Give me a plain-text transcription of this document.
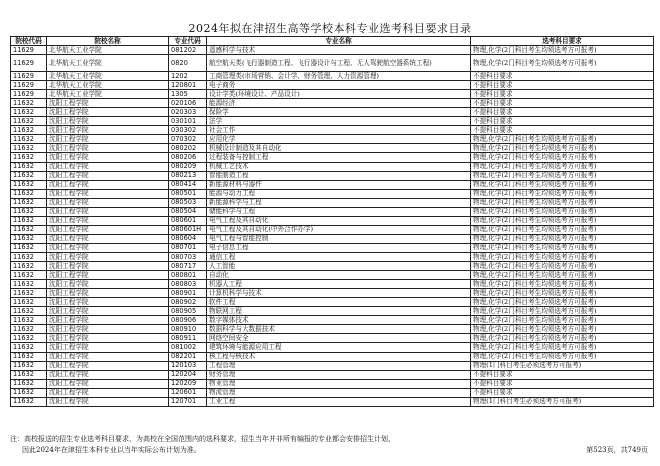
2024年拟在津招生高等学校本科专业选考科目要求目录
院校代码	院校名称	专业代码	专业名称	选考科目要求
11629	北华航天工业学院	081202	遥感科学与技术	物理,化学(2门科目考生均须选考方可报考)
11629	北华航天工业学院	0820	航空航天类(飞行器制造工程、飞行器设计与工程、无人驾驶航空器系统工程)	物理,化学(2门科目考生均须选考方可报考)
11629	北华航天工业学院	1202	工商管理类(市场营销、会计学、财务管理、人力资源管理)	不提科目要求
11629	北华航天工业学院	120801	电子商务	不提科目要求
11629	北华航天工业学院	1305	设计学类(环境设计、产品设计)	不提科目要求
11632	沈阳工程学院	020106	能源经济	不提科目要求
11632	沈阳工程学院	020303	保险学	不提科目要求
11632	沈阳工程学院	030101	法学	不提科目要求
11632	沈阳工程学院	030302	社会工作	不提科目要求
11632	沈阳工程学院	070302	应用化学	物理,化学(2门科目考生均须选考方可报考)
11632	沈阳工程学院	080202	机械设计制造及其自动化	物理,化学(2门科目考生均须选考方可报考)
11632	沈阳工程学院	080206	过程装备与控制工程	物理,化学(2门科目考生均须选考方可报考)
11632	沈阳工程学院	080209	机械工艺技术	物理,化学(2门科目考生均须选考方可报考)
11632	沈阳工程学院	080213	智能制造工程	物理,化学(2门科目考生均须选考方可报考)
11632	沈阳工程学院	080414	新能源材料与器件	物理,化学(2门科目考生均须选考方可报考)
11632	沈阳工程学院	080501	能源与动力工程	物理,化学(2门科目考生均须选考方可报考)
11632	沈阳工程学院	080503	新能源科学与工程	物理,化学(2门科目考生均须选考方可报考)
11632	沈阳工程学院	080504	储能科学与工程	物理,化学(2门科目考生均须选考方可报考)
11632	沈阳工程学院	080601	电气工程及其自动化	物理,化学(2门科目考生均须选考方可报考)
11632	沈阳工程学院	080601H	电气工程及其自动化(中外合作办学)	物理,化学(2门科目考生均须选考方可报考)
11632	沈阳工程学院	080604	电气工程与智能控制	物理,化学(2门科目考生均须选考方可报考)
11632	沈阳工程学院	080701	电子信息工程	物理,化学(2门科目考生均须选考方可报考)
11632	沈阳工程学院	080703	通信工程	物理,化学(2门科目考生均须选考方可报考)
11632	沈阳工程学院	080717	人工智能	物理,化学(2门科目考生均须选考方可报考)
11632	沈阳工程学院	080801	自动化	物理,化学(2门科目考生均须选考方可报考)
11632	沈阳工程学院	080803	机器人工程	物理,化学(2门科目考生均须选考方可报考)
11632	沈阳工程学院	080901	计算机科学与技术	物理,化学(2门科目考生均须选考方可报考)
11632	沈阳工程学院	080902	软件工程	物理,化学(2门科目考生均须选考方可报考)
11632	沈阳工程学院	080905	物联网工程	物理,化学(2门科目考生均须选考方可报考)
11632	沈阳工程学院	080906	数字媒体技术	物理,化学(2门科目考生均须选考方可报考)
11632	沈阳工程学院	080910	数据科学与大数据技术	物理,化学(2门科目考生均须选考方可报考)
11632	沈阳工程学院	080911	网络空间安全	物理,化学(2门科目考生均须选考方可报考)
11632	沈阳工程学院	081002	建筑环境与能源应用工程	物理,化学(2门科目考生均须选考方可报考)
11632	沈阳工程学院	082201	核工程与核技术	物理,化学(2门科目考生均须选考方可报考)
11632	沈阳工程学院	120103	工程管理	物理(1门科目考生必须选考方可报考)
11632	沈阳工程学院	120204	财务管理	不提科目要求
11632	沈阳工程学院	120209	物业管理	不提科目要求
11632	沈阳工程学院	120601	物流管理	不提科目要求
11632	沈阳工程学院	120701	工业工程	物理(1门科目考生必须选考方可报考)
注：高校报送的招生专业选考科目要求，为高校在全国范围内的选科要求，招生当年并非所有编报的专业都会安排招生计划，
因此2024年在津招生本科专业以当年实际公布计划为准。	第523页，共749页
